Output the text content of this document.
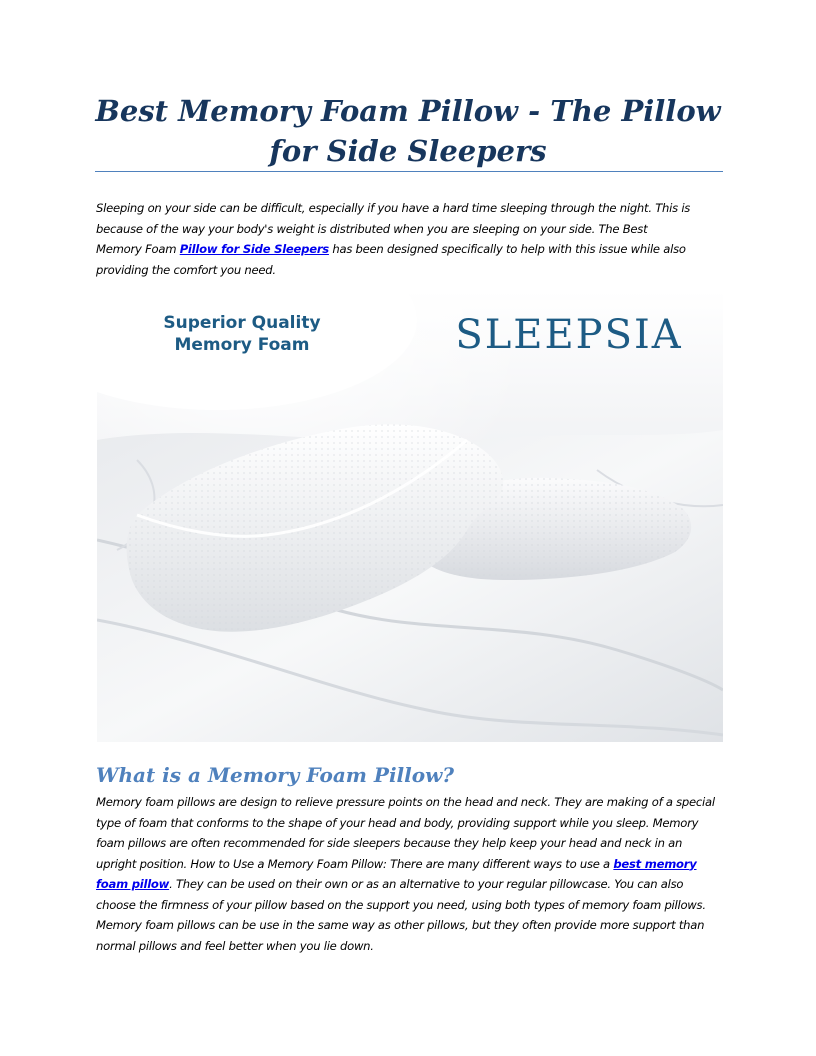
Best Memory Foam Pillow - The Pillow for Side Sleepers

Sleeping on your side can be difficult, especially if you have a hard time sleeping through the night. This is because of the way your body's weight is distributed when you are sleeping on your side. The Best Memory Foam Pillow for Side Sleepers has been designed specifically to help with this issue while also providing the comfort you need.

Superior Quality
Memory Foam	SLEEPSIA
What is a Memory Foam Pillow?

Memory foam pillows are design to relieve pressure points on the head and neck. They are making of a special type of foam that conforms to the shape of your head and body, providing support while you sleep. Memory foam pillows are often recommended for side sleepers because they help keep your head and neck in an upright position. How to Use a Memory Foam Pillow: There are many different ways to use a best memory foam pillow. They can be used on their own or as an alternative to your regular pillowcase. You can also choose the firmness of your pillow based on the support you need, using both types of memory foam pillows. Memory foam pillows can be use in the same way as other pillows, but they often provide more support than normal pillows and feel better when you lie down.
